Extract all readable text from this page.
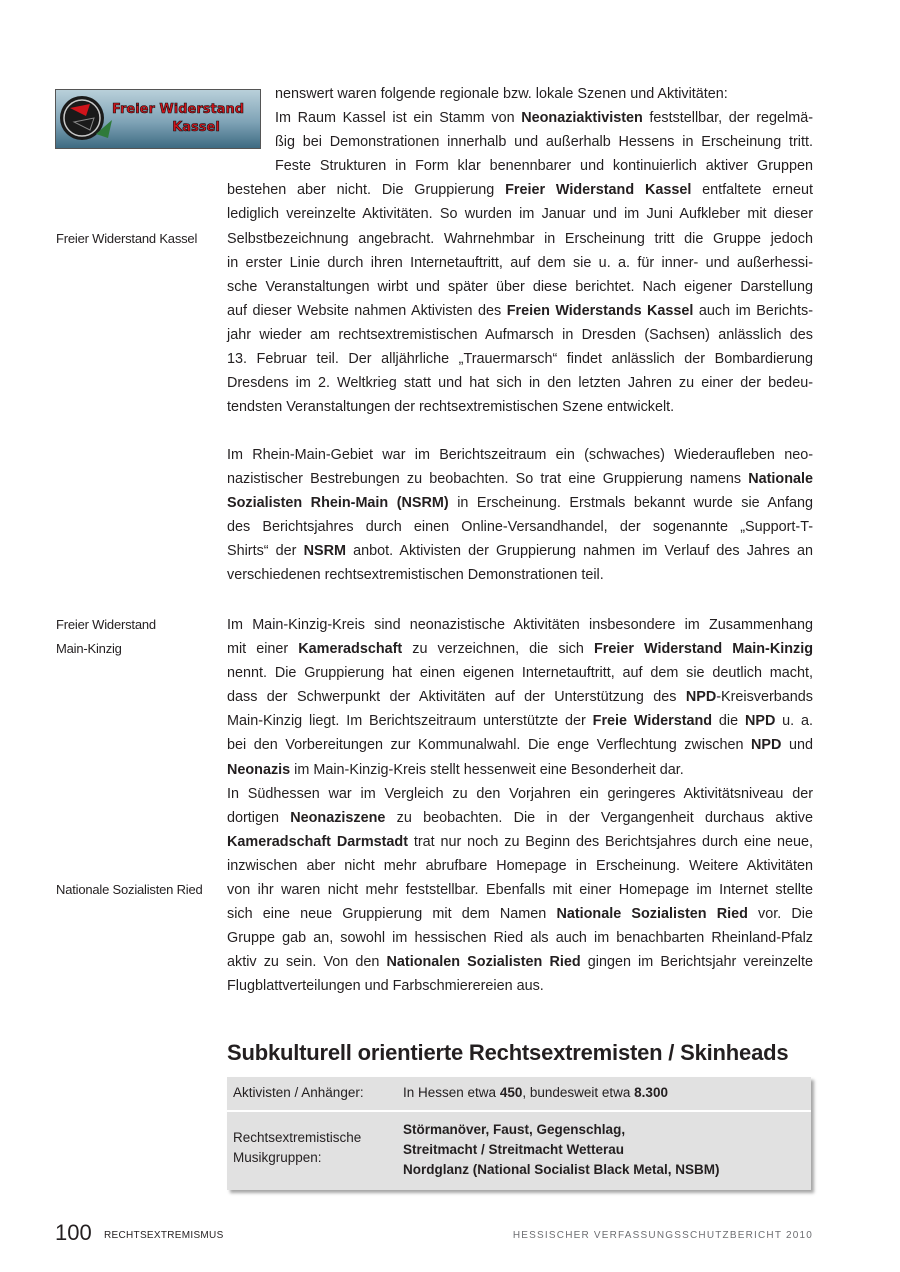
Freier Widerstand
Kassel
Freier Widerstand Kassel
Freier Widerstand
Main-Kinzig
Nationale Sozialisten Ried
nenswert waren folgende regionale bzw. lokale Szenen und Aktivitäten:
Im Raum Kassel ist ein Stamm von Neonaziaktivisten feststellbar, der regelmä-
ßig bei Demonstrationen innerhalb und außerhalb Hessens in Erscheinung tritt.
Feste Strukturen in Form klar benennbarer und kontinuierlich aktiver Gruppen
bestehen aber nicht. Die Gruppierung Freier Widerstand Kassel entfaltete erneut
lediglich vereinzelte Aktivitäten. So wurden im Januar und im Juni Aufkleber mit dieser
Selbstbezeichnung angebracht. Wahrnehmbar in Erscheinung tritt die Gruppe jedoch
in erster Linie durch ihren Internetauftritt, auf dem sie u. a. für inner- und außerhessi-
sche Veranstaltungen wirbt und später über diese berichtet. Nach eigener Darstellung
auf dieser Website nahmen Aktivisten des Freien Widerstands Kassel auch im Berichts-
jahr wieder am rechtsextremistischen Aufmarsch in Dresden (Sachsen) anlässlich des
13. Februar teil. Der alljährliche „Trauermarsch“ findet anlässlich der Bombardierung
Dresdens im 2. Weltkrieg statt und hat sich in den letzten Jahren zu einer der bedeu-
tendsten Veranstaltungen der rechtsextremistischen Szene entwickelt.
Im Rhein-Main-Gebiet war im Berichtszeitraum ein (schwaches) Wiederaufleben neo-
nazistischer Bestrebungen zu beobachten. So trat eine Gruppierung namens Nationale
Sozialisten Rhein-Main (NSRM) in Erscheinung. Erstmals bekannt wurde sie Anfang
des Berichtsjahres durch einen Online-Versandhandel, der sogenannte „Support-T-
Shirts“ der NSRM anbot. Aktivisten der Gruppierung nahmen im Verlauf des Jahres an
verschiedenen rechtsextremistischen Demonstrationen teil.
Im Main-Kinzig-Kreis sind neonazistische Aktivitäten insbesondere im Zusammenhang
mit einer Kameradschaft zu verzeichnen, die sich Freier Widerstand Main-Kinzig
nennt. Die Gruppierung hat einen eigenen Internetauftritt, auf dem sie deutlich macht,
dass der Schwerpunkt der Aktivitäten auf der Unterstützung des NPD-Kreisverbands
Main-Kinzig liegt. Im Berichtszeitraum unterstützte der Freie Widerstand die NPD u. a.
bei den Vorbereitungen zur Kommunalwahl. Die enge Verflechtung zwischen NPD und
Neonazis im Main-Kinzig-Kreis stellt hessenweit eine Besonderheit dar.
In Südhessen war im Vergleich zu den Vorjahren ein geringeres Aktivitätsniveau der
dortigen Neonaziszene zu beobachten. Die in der Vergangenheit durchaus aktive
Kameradschaft Darmstadt trat nur noch zu Beginn des Berichtsjahres durch eine neue,
inzwischen aber nicht mehr abrufbare Homepage in Erscheinung. Weitere Aktivitäten
von ihr waren nicht mehr feststellbar. Ebenfalls mit einer Homepage im Internet stellte
sich eine neue Gruppierung mit dem Namen Nationale Sozialisten Ried vor. Die
Gruppe gab an, sowohl im hessischen Ried als auch im benachbarten Rheinland-Pfalz
aktiv zu sein. Von den Nationalen Sozialisten Ried gingen im Berichtsjahr vereinzelte
Flugblattverteilungen und Farbschmierereien aus.
Subkulturell orientierte Rechtsextremisten / Skinheads
Aktivisten / Anhänger:	In Hessen etwa 450, bundesweit etwa 8.300
Rechtsextremistische
Musikgruppen:
Störmanöver, Faust, Gegenschlag,
Streitmacht / Streitmacht Wetterau
Nordglanz (National Socialist Black Metal, NSBM)
100 RECHTSEXTREMISMUS	HESSISCHER VERFASSUNGSSCHUTZBERICHT 2010
